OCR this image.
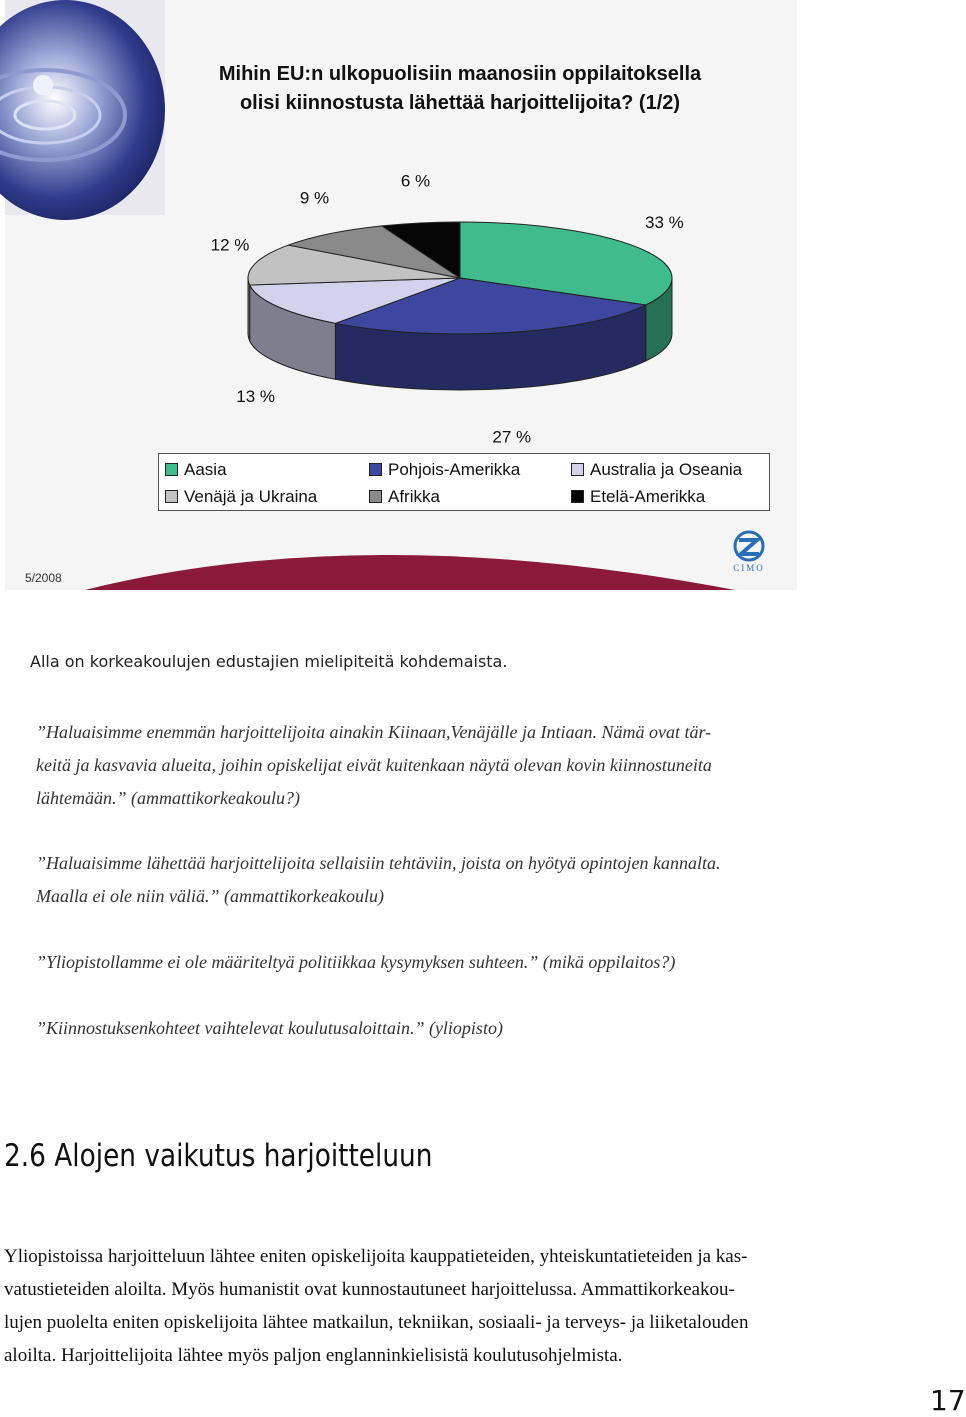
Mihin EU:n ulkopuolisiin maanosiin oppilaitoksella olisi kiinnostusta lähettää harjoittelijoita? (1/2)
33 %
27 %
13 %
12 %
9 %
6 %
Aasia	Pohjois-Amerikka	Australia ja Oseania
Venäjä ja Ukraina	Afrikka	Etelä-Amerikka
5/2008
CIMO
Alla on korkeakoulujen edustajien mielipiteitä kohdemaista.
”Haluaisimme enemmän harjoittelijoita ainakin Kiinaan,Venäjälle ja Intiaan. Nämä ovat tär-
keitä ja kasvavia alueita, joihin opiskelijat eivät kuitenkaan näytä olevan kovin kiinnostuneita
lähtemään.” (ammattikorkeakoulu?)
”Haluaisimme lähettää harjoittelijoita sellaisiin tehtäviin, joista on hyötyä opintojen kannalta.
Maalla ei ole niin väliä.” (ammattikorkeakoulu)
”Yliopistollamme ei ole määriteltyä politiikkaa kysymyksen suhteen.” (mikä oppilaitos?)
”Kiinnostuksenkohteet vaihtelevat koulutusaloittain.” (yliopisto)
2.6 Alojen vaikutus harjoitteluun
Yliopistoissa harjoitteluun lähtee eniten opiskelijoita kauppatieteiden, yhteiskuntatieteiden ja kas-
vatustieteiden aloilta. Myös humanistit ovat kunnostautuneet harjoittelussa. Ammattikorkeakou-
lujen puolelta eniten opiskelijoita lähtee matkailun, tekniikan, sosiaali- ja terveys- ja liiketalouden
aloilta. Harjoittelijoita lähtee myös paljon englanninkielisistä koulutusohjelmista.
17
